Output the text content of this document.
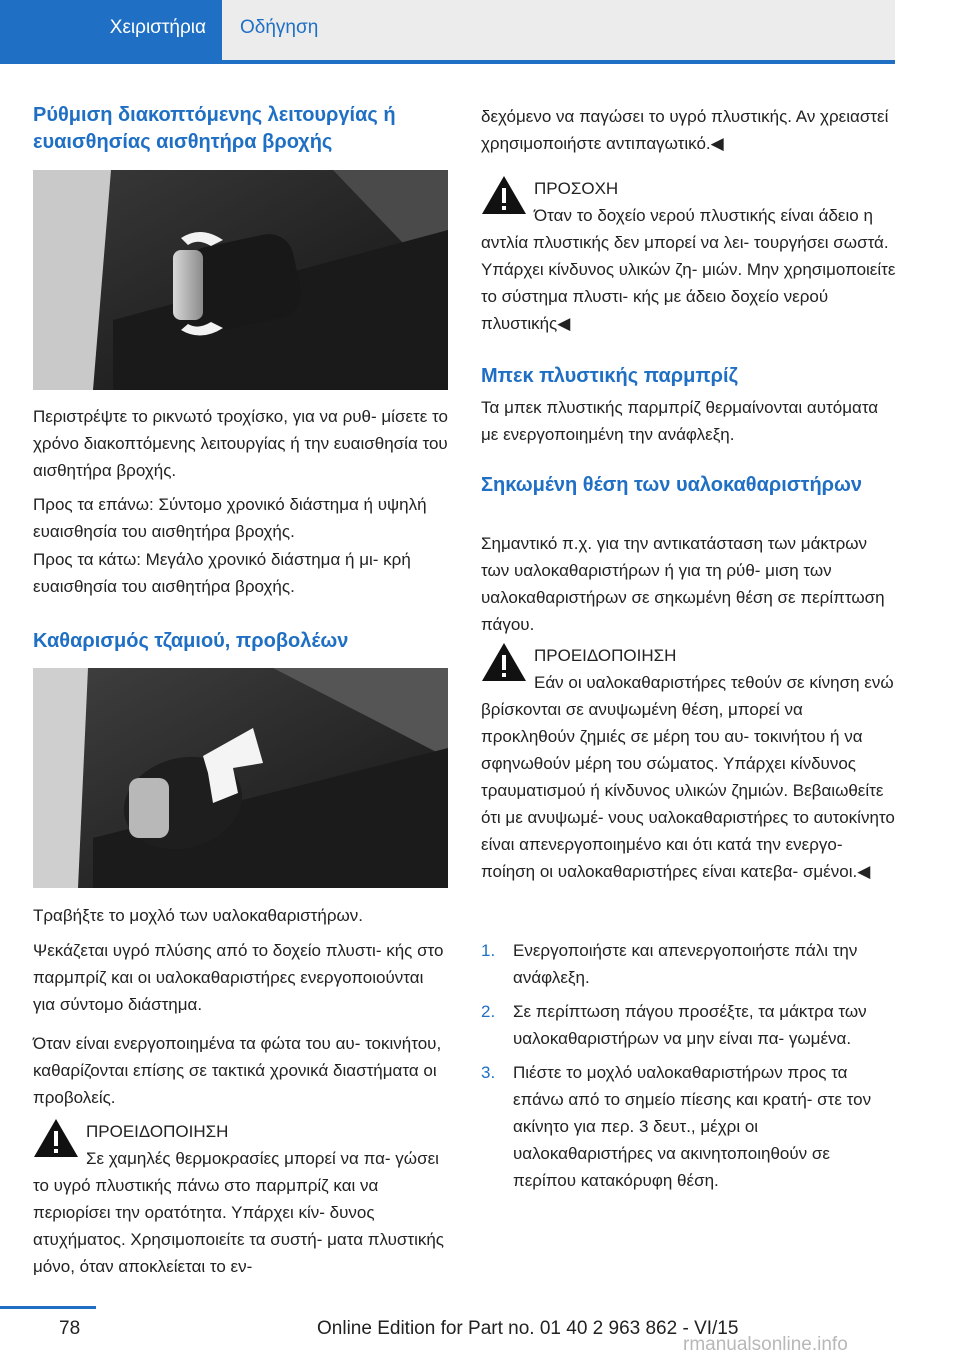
Χειριστήρια Οδήγηση
Ρύθμιση διακοπτόμενης λειτουργίας ή ευαισθησίας αισθητήρα βροχής

Περιστρέψτε το ρικνωτό τροχίσκο, για να ρυθ‐ μίσετε το χρόνο διακοπτόμενης λειτουργίας ή την ευαισθησία του αισθητήρα βροχής.

Προς τα επάνω: Σύντομο χρονικό διάστημα ή υψηλή ευαισθησία του αισθητήρα βροχής.

Προς τα κάτω: Μεγάλο χρονικό διάστημα ή μι‐ κρή ευαισθησία του αισθητήρα βροχής.

Καθαρισμός τζαμιού, προβολέων

Τραβήξτε το μοχλό των υαλοκαθαριστήρων.

Ψεκάζεται υγρό πλύσης από το δοχείο πλυστι‐ κής στο παρμπρίζ και οι υαλοκαθαριστήρες ενεργοποιούνται για σύντομο διάστημα.

Όταν είναι ενεργοποιημένα τα φώτα του αυ‐ τοκινήτου, καθαρίζονται επίσης σε τακτικά χρονικά διαστήματα οι προβολείς.

ΠΡΟΕΙΔΟΠΟΙΗΣΗ
Σε χαμηλές θερμοκρασίες μπορεί να πα‐ γώσει το υγρό πλυστικής πάνω στο παρμπρίζ και να περιορίσει την ορατότητα. Υπάρχει κίν‐ δυνος ατυχήματος. Χρησιμοποιείτε τα συστή‐ ματα πλυστικής μόνο, όταν αποκλείεται το εν‐

δεχόμενο να παγώσει το υγρό πλυστικής. Αν χρειαστεί χρησιμοποιήστε αντιπαγωτικό.◀

ΠΡΟΣΟΧΗ
Όταν το δοχείο νερού πλυστικής είναι άδειο η αντλία πλυστικής δεν μπορεί να λει‐ τουργήσει σωστά. Υπάρχει κίνδυνος υλικών ζη‐ μιών. Μην χρησιμοποιείτε το σύστημα πλυστι‐ κής με άδειο δοχείο νερού πλυστικής◀
Μπεκ πλυστικής παρμπρίζ

Τα μπεκ πλυστικής παρμπρίζ θερμαίνονται αυτόματα με ενεργοποιημένη την ανάφλεξη.

Σηκωμένη θέση των υαλοκαθαριστήρων

Σημαντικό π.χ. για την αντικατάσταση των μάκτρων των υαλοκαθαριστήρων ή για τη ρύθ‐ μιση των υαλοκαθαριστήρων σε σηκωμένη θέση σε περίπτωση πάγου.

ΠΡΟΕΙΔΟΠΟΙΗΣΗ
Εάν οι υαλοκαθαριστήρες τεθούν σε κίνηση ενώ βρίσκονται σε ανυψωμένη θέση, μπορεί να προκληθούν ζημιές σε μέρη του αυ‐ τοκινήτου ή να σφηνωθούν μέρη του σώματος. Υπάρχει κίνδυνος τραυματισμού ή κίνδυνος υλικών ζημιών. Βεβαιωθείτε ότι με ανυψωμέ‐ νους υαλοκαθαριστήρες το αυτοκίνητο είναι απενεργοποιημένο και ότι κατά την ενεργο‐ ποίηση οι υαλοκαθαριστήρες είναι κατεβα‐ σμένοι.◀
1. Ενεργοποιήστε και απενεργοποιήστε πάλι την ανάφλεξη.
2. Σε περίπτωση πάγου προσέξτε, τα μάκτρα των υαλοκαθαριστήρων να μην είναι πα‐ γωμένα.
3. Πιέστε το μοχλό υαλοκαθαριστήρων προς τα επάνω από το σημείο πίεσης και κρατή‐ στε τον ακίνητο για περ. 3 δευτ., μέχρι οι υαλοκαθαριστήρες να ακινητοποιηθούν σε περίπου κατακόρυφη θέση.
78	Online Edition for Part no. 01 40 2 963 862 - VI/15
rmanualsonline.info
